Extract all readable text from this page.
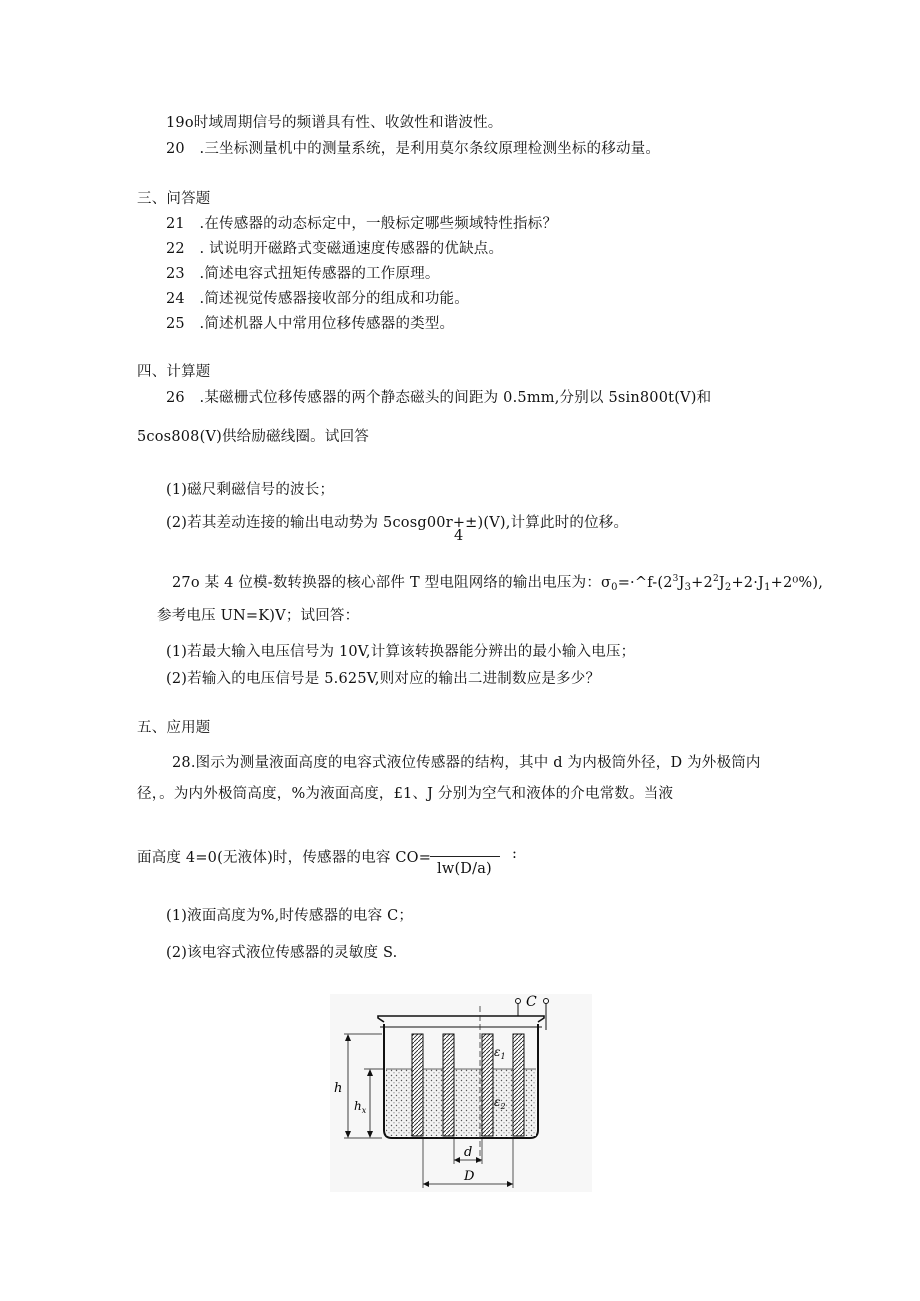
19o时域周期信号的频谱具有性、收敛性和谐波性。
20　.三坐标测量机中的测量系统，是利用莫尔条纹原理检测坐标的移动量。
三、问答题
21　.在传感器的动态标定中，一般标定哪些频域特性指标？
22　. 试说明开磁路式变磁通速度传感器的优缺点。
23　.简述电容式扭矩传感器的工作原理。
24　.简述视觉传感器接收部分的组成和功能。
25　.简述机器人中常用位移传感器的类型。
四、计算题
26　.某磁栅式位移传感器的两个静态磁头的间距为 0.5mm,分别以 5sin800t(V)和
5cos808(V)供给励磁线圈。试回答
(1)磁尺剩磁信号的波长；
(2)若其差动连接的输出电动势为 5cosg00r+±)(V),计算此时的位移。
4
27o 某 4 位模-数转换器的核心部件 T 型电阻网络的输出电压为：$\sigma_0=\cdot\^{}f-(2^3J_3+2^2J_2+2\cdot J_1+2^0\%)$,
参考电压 UN=K)V；试回答：
(1)若最大输入电压信号为 10V,计算该转换器能分辨出的最小输入电压；
(2)若输入的电压信号是 5.625V,则对应的输出二进制数应是多少？
五、应用题
28.图示为测量液面高度的电容式液位传感器的结构，其中 d 为内极筒外径，D 为外极筒内
径，。为内外极筒高度，%为液面高度，£1、J 分别为空气和液体的介电常数。当液
面高度 4=0(无液体)时，传感器的电容 CO=	:
lw(D/a)
(1)液面高度为%,时传感器的电容 C；
(2)该电容式液位传感器的灵敏度 S.
C
$\varepsilon_1$
$\varepsilon_2$
h
$h_x$
d
D
